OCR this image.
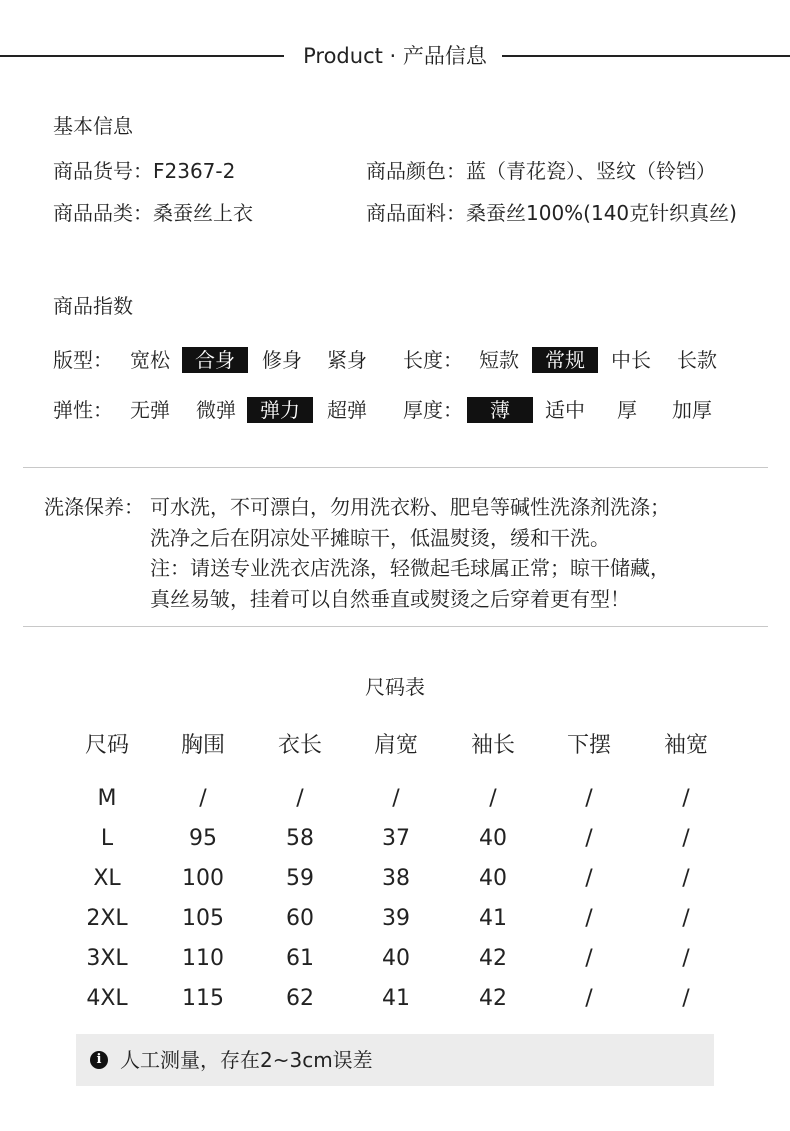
Product · 产品信息
基本信息
商品货号：F2367-2	商品颜色：蓝（青花瓷）、竖纹（铃铛）
商品品类：桑蚕丝上衣	商品面料：桑蚕丝100%(140克针织真丝)
商品指数
版型： 宽松	合身	修身 紧身 长度： 短款	常规	中长 长款
弹性： 无弹 微弹	弹力	超弹 厚度：	薄	适中 厚 加厚
洗涤保养： 可水洗，不可漂白，勿用洗衣粉、肥皂等碱性洗涤剂洗涤；
洗净之后在阴凉处平摊晾干，低温熨烫，缓和干洗。
注：请送专业洗衣店洗涤，轻微起毛球属正常；晾干储藏，
真丝易皱，挂着可以自然垂直或熨烫之后穿着更有型！
尺码表
尺码	胸围	衣长	肩宽	袖长	下摆	袖宽
M	/	/	/	/	/	/
L	95	58	37	40	/	/
XL	100	59	38	40	/	/
2XL	105	60	39	41	/	/
3XL	110	61	40	42	/	/
4XL	115	62	41	42	/	/
i 人工测量，存在2~3cm误差
